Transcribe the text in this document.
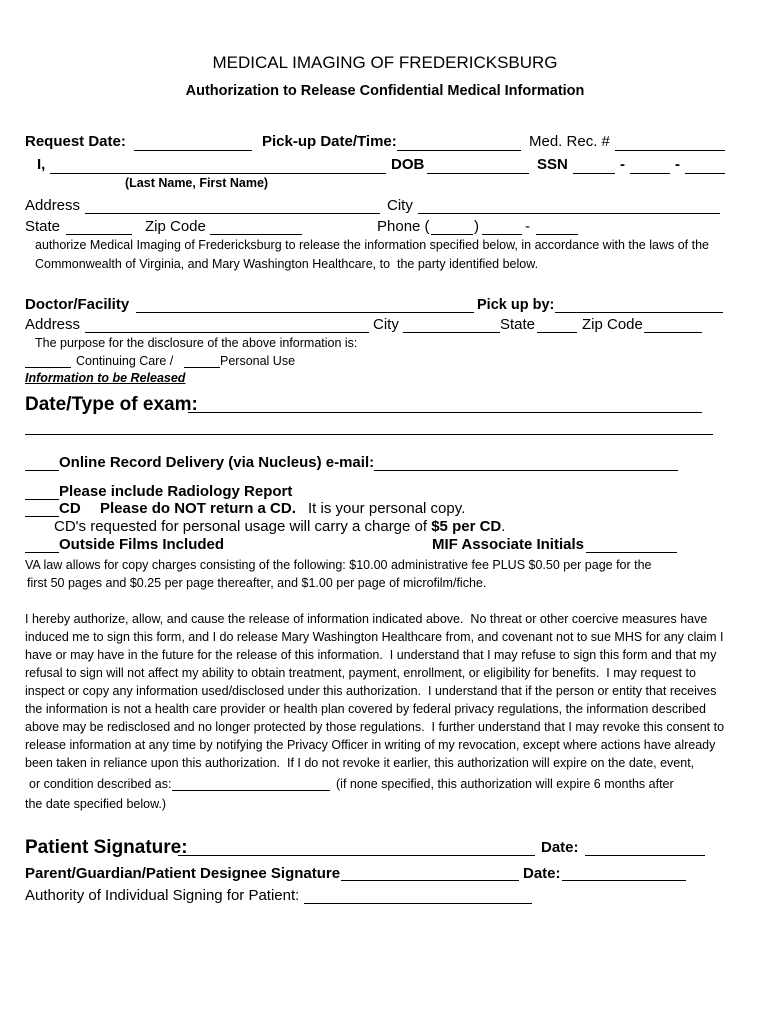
MEDICAL IMAGING OF FREDERICKSBURG
Authorization to Release Confidential Medical Information
Request Date:	Pick-up Date/Time:	Med. Rec. #
I,	DOB	SSN	-	-
(Last Name, First Name)
Address	City
State	Zip Code	Phone (	)	-
authorize Medical Imaging of Fredericksburg to release the information specified below, in accordance with the laws of the
Commonwealth of Virginia, and Mary Washington Healthcare, to  the party identified below.
Doctor/Facility	Pick up by:
Address	City	State	Zip Code
The purpose for the disclosure of the above information is:
Continuing Care /	Personal Use
Information to be Released
Date/Type of exam:
Online Record Delivery (via Nucleus) e-mail:
Please include Radiology Report
CD Please do NOT return a CD. It is your personal copy.
CD's requested for personal usage will carry a charge of $5 per CD.
Outside Films Included	MIF Associate Initials
VA law allows for copy charges consisting of the following: $10.00 administrative fee PLUS $0.50 per page for the
first 50 pages and $0.25 per page thereafter, and $1.00 per page of microfilm/fiche.
I hereby authorize, allow, and cause the release of information indicated above.  No threat or other coercive measures have
induced me to sign this form, and I do release Mary Washington Healthcare from, and covenant not to sue MHS for any claim I
have or may have in the future for the release of this information.  I understand that I may refuse to sign this form and that my
refusal to sign will not affect my ability to obtain treatment, payment, enrollment, or eligibility for benefits.  I may request to
inspect or copy any information used/disclosed under this authorization.  I understand that if the person or entity that receives
the information is not a health care provider or health plan covered by federal privacy regulations, the information described
above may be redisclosed and no longer protected by those regulations.  I further understand that I may revoke this consent to
release information at any time by notifying the Privacy Officer in writing of my revocation, except where actions have already
been taken in reliance upon this authorization.  If I do not revoke it earlier, this authorization will expire on the date, event,
or condition described as:	(if none specified, this authorization will expire 6 months after
the date specified below.)
Patient Signature:	Date:
Parent/Guardian/Patient Designee Signature	Date:
Authority of Individual Signing for Patient:
